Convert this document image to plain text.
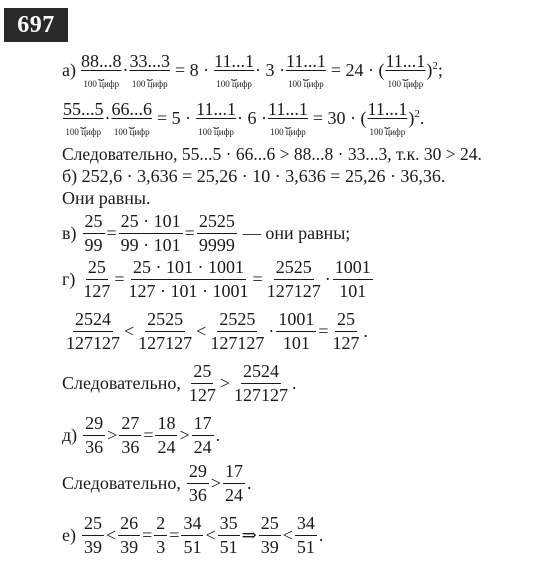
697
а) 88...8
⏟
100 цифр
· 33...3
⏟
100 цифр
= 8 · 11...1
⏟
100 цифр
· 3 · 11...1
⏟
100 цифр
= 24 · ( 11...1
⏟
100 цифр
)$^2$;
55...5
⏟
100 цифр
· 66...6
⏟
100 цифр
= 5 · 11...1
⏟
100 цифр
· 6 · 11...1
⏟
100 цифр
= 30 · ( 11...1
⏟
100 цифр
)$^2$.
Следовательно, 55...5 · 66...6 > 88...8 · 33...3, т.к. 30 > 24.
б) 252,6 · 3,636 = 25,26 · 10 · 3,636 = 25,26 · 36,36.
Они равны.
$в) \frac{25}{99} = \frac{25 \cdot 101}{99 \cdot 101} = \frac{2525}{9999}$ — они равны;
$г) \frac{25}{127} = \frac{25 \cdot 101 \cdot 1001}{127 \cdot 101 \cdot 1001} = \frac{2525}{127127} \cdot \frac{1001}{101}$
$\frac{2524}{127127} < \frac{2525}{127127} < \frac{2525}{127127} \cdot \frac{1001}{101} = \frac{25}{127}$ .
Следовательно, $\frac{25}{127} > \frac{2524}{127127}$ .
$д) \frac{29}{36} > \frac{27}{36} = \frac{18}{24} > \frac{17}{24}$ .
Следовательно, $\frac{29}{36} > \frac{17}{24}$ .
$е) \frac{25}{39} < \frac{26}{39} = \frac{2}{3} = \frac{34}{51} < \frac{35}{51}$ ⇒ $\frac{25}{39} < \frac{34}{51}$ .
